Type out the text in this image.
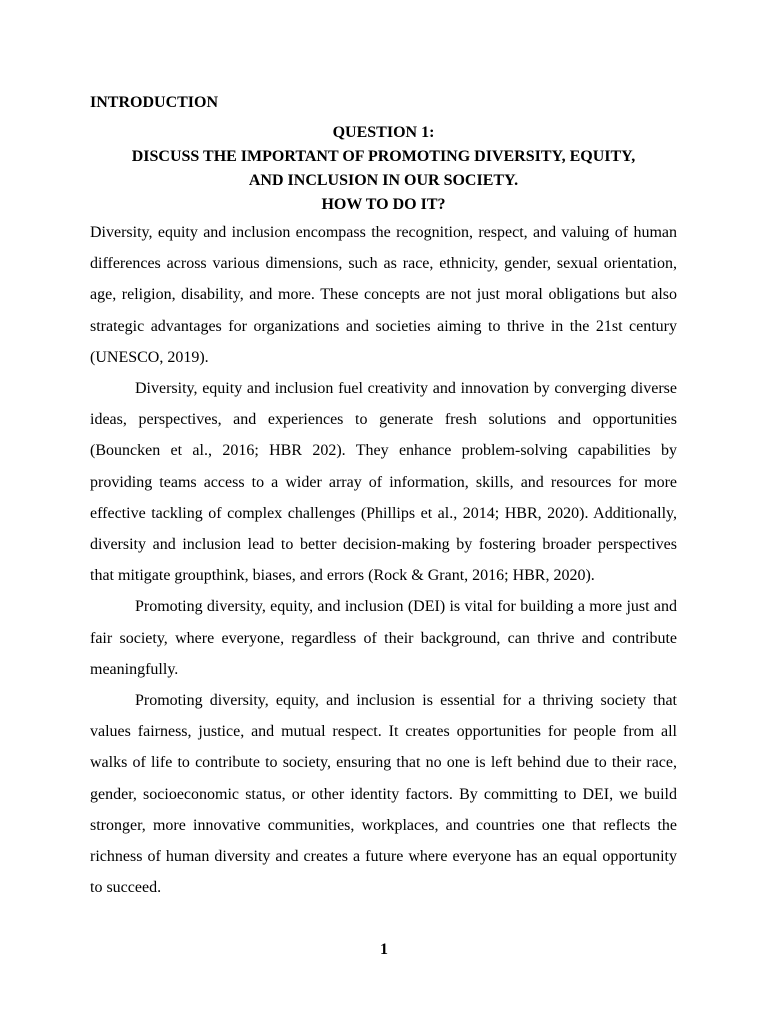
INTRODUCTION
QUESTION 1:
DISCUSS THE IMPORTANT OF PROMOTING DIVERSITY, EQUITY,
AND INCLUSION IN OUR SOCIETY.
HOW TO DO IT?

Diversity, equity and inclusion encompass the recognition, respect, and valuing of human differences across various dimensions, such as race, ethnicity, gender, sexual orientation, age, religion, disability, and more. These concepts are not just moral obligations but also strategic advantages for organizations and societies aiming to thrive in the 21st century (UNESCO, 2019).

Diversity, equity and inclusion fuel creativity and innovation by converging diverse ideas, perspectives, and experiences to generate fresh solutions and opportunities (Bouncken et al., 2016; HBR 202). They enhance problem-solving capabilities by providing teams access to a wider array of information, skills, and resources for more effective tackling of complex challenges (Phillips et al., 2014; HBR, 2020). Additionally, diversity and inclusion lead to better decision-making by fostering broader perspectives that mitigate groupthink, biases, and errors (Rock & Grant, 2016; HBR, 2020).

Promoting diversity, equity, and inclusion (DEI) is vital for building a more just and fair society, where everyone, regardless of their background, can thrive and contribute meaningfully.

Promoting diversity, equity, and inclusion is essential for a thriving society that values fairness, justice, and mutual respect. It creates opportunities for people from all walks of life to contribute to society, ensuring that no one is left behind due to their race, gender, socioeconomic status, or other identity factors. By committing to DEI, we build stronger, more innovative communities, workplaces, and countries one that reflects the richness of human diversity and creates a future where everyone has an equal opportunity to succeed.

1
